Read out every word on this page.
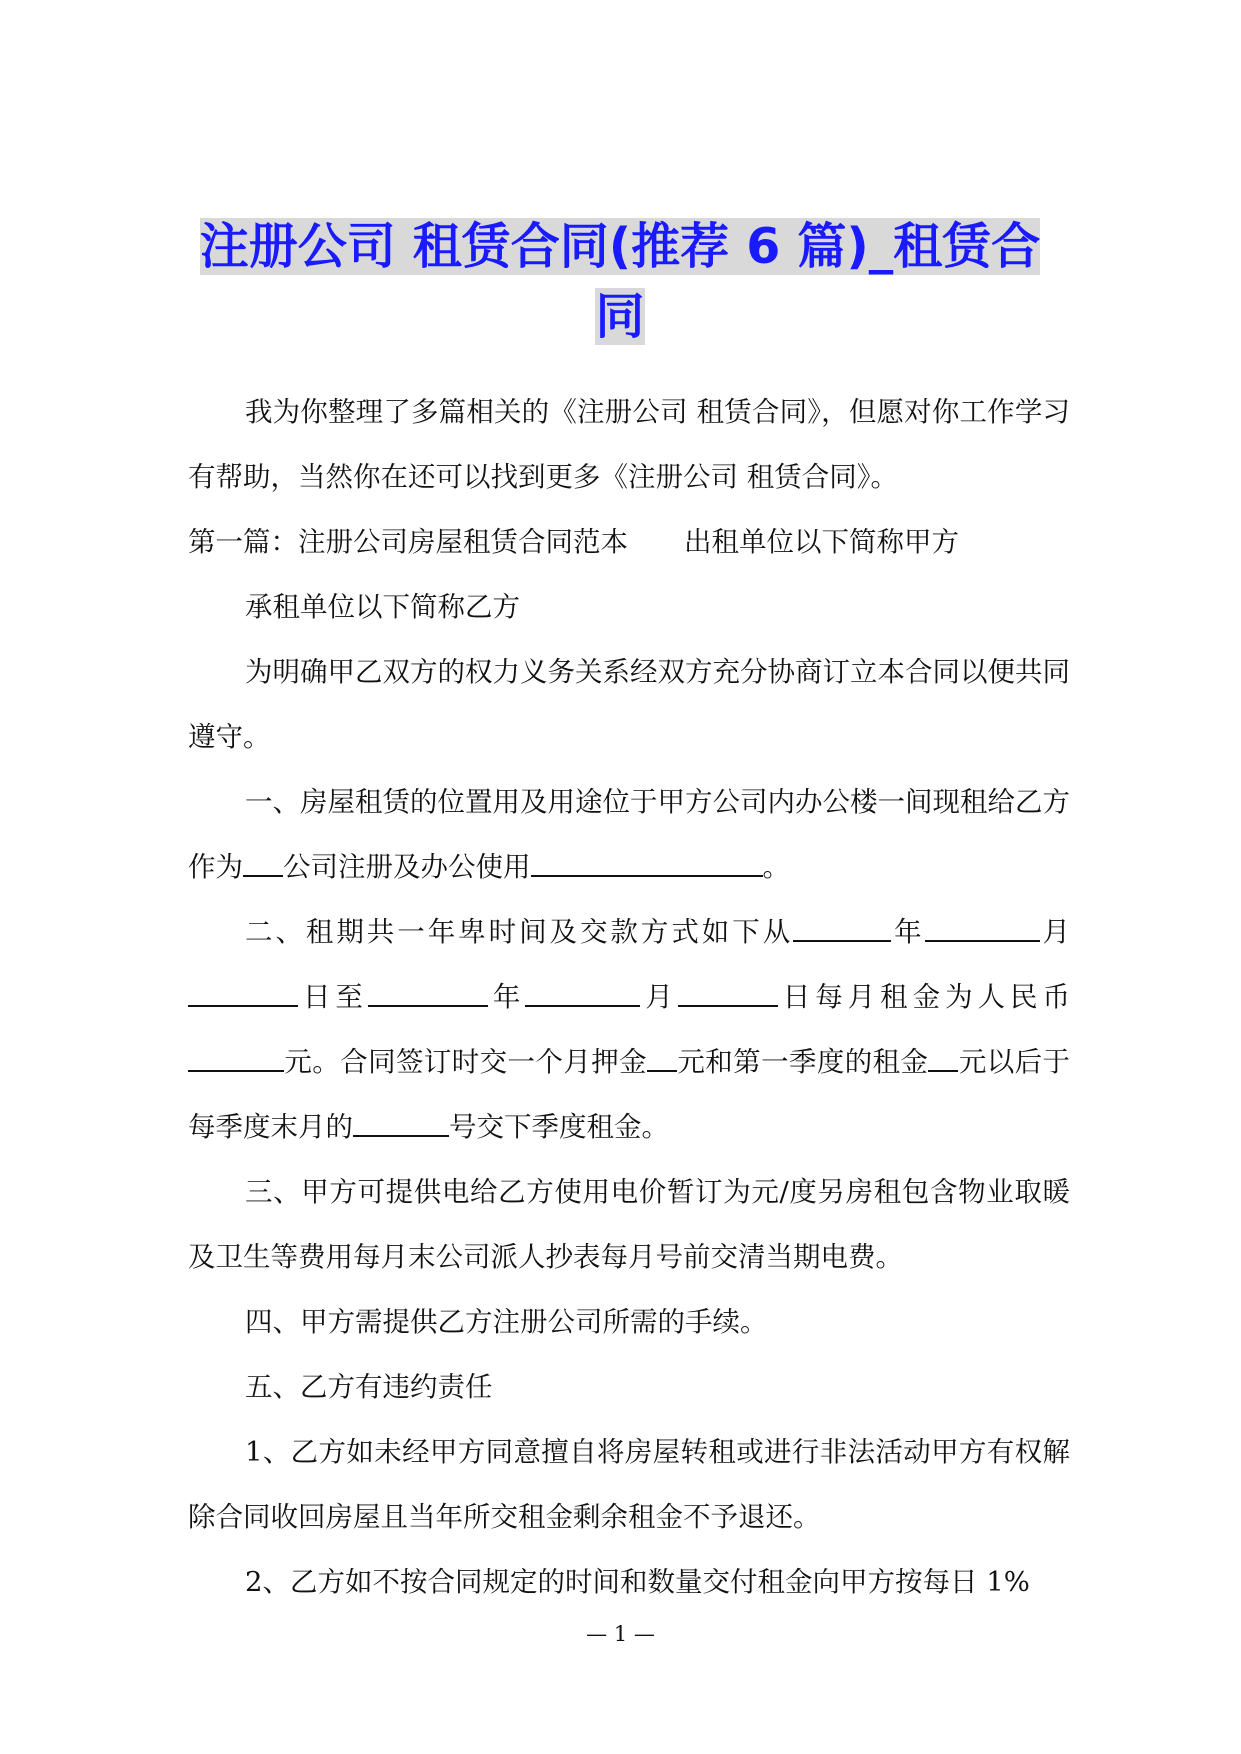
注册公司 租赁合同(推荐 6 篇)_租赁合
同

我为你整理了多篇相关的《注册公司 租赁合同》，但愿对你工作学习有帮助，当然你在还可以找到更多《注册公司 租赁合同》。

第一篇：注册公司房屋租赁合同范本 出租单位以下简称甲方

承租单位以下简称乙方

为明确甲乙双方的权力义务关系经双方充分协商订立本合同以便共同遵守。

一、房屋租赁的位置用及用途位于甲方公司内办公楼一间现租给乙方作为 公司注册及办公使用	。

二、租期共一年卑时间及交款方式如下从	年	月 日至	年	月	日每月租金为人民币 元。合同签订时交一个月押金 元和第一季度的租金 元以后于每季度末月的	号交下季度租金。

三、甲方可提供电给乙方使用电价暂订为元/度另房租包含物业取暖及卫生等费用每月末公司派人抄表每月号前交清当期电费。

四、甲方需提供乙方注册公司所需的手续。

五、乙方有违约责任

1、乙方如未经甲方同意擅自将房屋转租或进行非法活动甲方有权解除合同收回房屋且当年所交租金剩余租金不予退还。

2、乙方如不按合同规定的时间和数量交付租金向甲方按每日 1%

— 1 —
